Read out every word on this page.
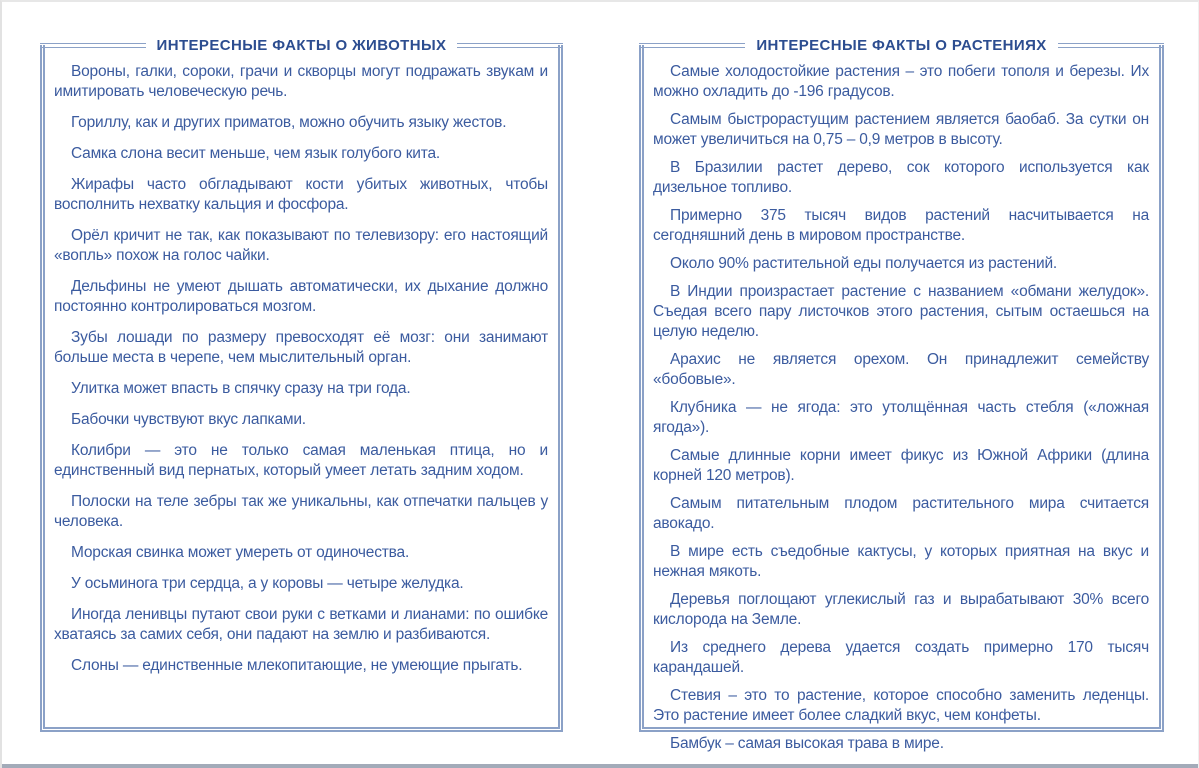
ИНТЕРЕСНЫЕ ФАКТЫ О ЖИВОТНЫХ

Вороны, галки, сороки, грачи и скворцы могут подражать звукам и имитировать человеческую речь.

Гориллу, как и других приматов, можно обучить языку жестов.

Самка слона весит меньше, чем язык голубого кита.

Жирафы часто обгладывают кости убитых животных, чтобы восполнить нехватку кальция и фосфора.

Орёл кричит не так, как показывают по телевизору: его настоящий «вопль» похож на голос чайки.

Дельфины не умеют дышать автоматически, их дыхание должно постоянно контролироваться мозгом.

Зубы лошади по размеру превосходят её мозг: они занимают больше места в черепе, чем мыслительный орган.

Улитка может впасть в спячку сразу на три года.

Бабочки чувствуют вкус лапками.

Колибри — это не только самая маленькая птица, но и единственный вид пернатых, который умеет летать задним ходом.

Полоски на теле зебры так же уникальны, как отпечатки пальцев у человека.

Морская свинка может умереть от одиночества.

У осьминога три сердца, а у коровы — четыре желудка.

Иногда ленивцы путают свои руки с ветками и лианами: по ошибке хватаясь за самих себя, они падают на землю и разбиваются.

Слоны — единственные млекопитающие, не умеющие прыгать.

ИНТЕРЕСНЫЕ ФАКТЫ О РАСТЕНИЯХ

Самые холодостойкие растения – это побеги тополя и березы. Их можно охладить до -196 градусов.

Самым быстрорастущим растением является баобаб. За сутки он может увеличиться на 0,75 – 0,9 метров в высоту.

В Бразилии растет дерево, сок которого используется как дизельное топливо.

Примерно 375 тысяч видов растений насчитывается на сегодняшний день в мировом пространстве.

Около 90% растительной еды получается из растений.

В Индии произрастает растение с названием «обмани желудок». Съедая всего пару листочков этого растения, сытым остаешься на целую неделю.

Арахис не является орехом. Он принадлежит семейству «бобовые».

Клубника — не ягода: это утолщённая часть стебля («ложная ягода»).

Самые длинные корни имеет фикус из Южной Африки (длина корней 120 метров).

Самым питательным плодом растительного мира считается авокадо.

В мире есть съедобные кактусы, у которых приятная на вкус и нежная мякоть.

Деревья поглощают углекислый газ и вырабатывают 30% всего кислорода на Земле.

Из среднего дерева удается создать примерно 170 тысяч карандашей.

Стевия – это то растение, которое способно заменить леденцы. Это растение имеет более сладкий вкус, чем конфеты.

Бамбук – самая высокая трава в мире.
